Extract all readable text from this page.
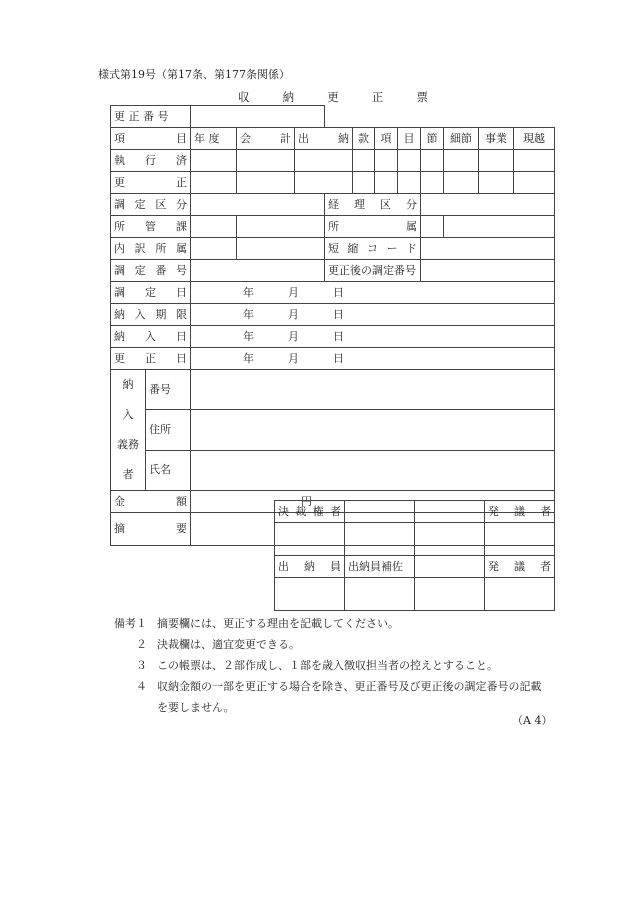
様式第19号（第17条、第177条関係）
収	納	更	正	票
更 正 番 号												
項　　　目		年 度	会　計	出　納		款	項	目	節	細節	事業	現越
執　行　済												
更　　　正												
調 定 区 分					経　理　区　分							
所　管　課					所　　　　属							
内 訳 所 属					短 縮 コ ー ド							
調 定 番 号					更正後の調定番号							
調　定　日		年 月 日										
納 入 期 限		年 月 日										
納　入　日		年 月 日										
更　正　日		年 月 日										

納　入
義務者	番号											
	住所											
	氏名											
金　　　額		円										
摘　　　要												
決裁権者			発　議　者

出　納　員	出納員補佐		発　議　者

備考１ 摘要欄には、更正する理由を記載してください。
２ 決裁欄は、適宜変更できる。
３ この帳票は、２部作成し、１部を歳入徴収担当者の控えとすること。
４ 収納金額の一部を更正する場合を除き、更正番号及び更正後の調定番号の記載
を要しません。
（A 4）
